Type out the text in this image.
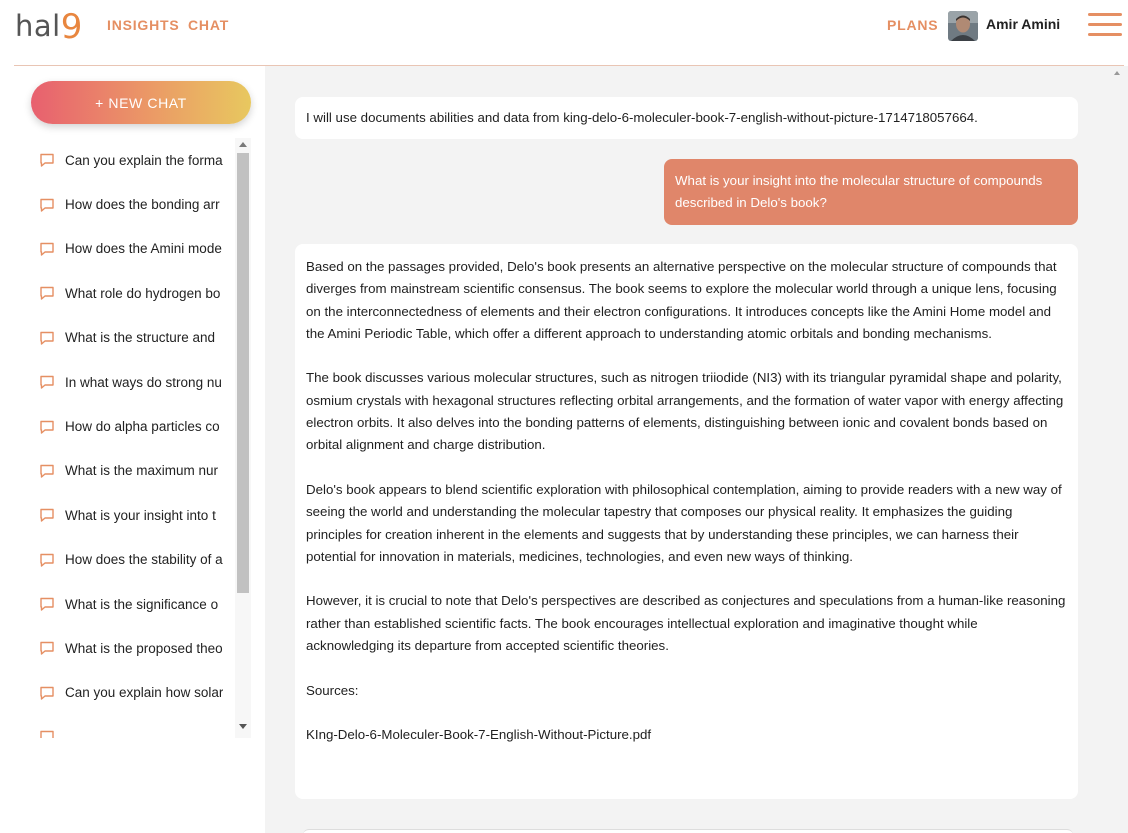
hal 9 INSIGHTS CHAT	PLANS	Amir Amini
+ NEW CHAT
Can you explain the forma
How does the bonding arr
How does the Amini mode
What role do hydrogen bo
What is the structure and
In what ways do strong nu
How do alpha particles co
What is the maximum nur
What is your insight into t
How does the stability of a
What is the significance o
What is the proposed theo
Can you explain how solar
I will use documents abilities and data from king-delo-6-moleculer-book-7-english-without-picture-1714718057664.
What is your insight into the molecular structure of compounds described in Delo's book?

Based on the passages provided, Delo's book presents an alternative perspective on the molecular structure of compounds that diverges from mainstream scientific consensus. The book seems to explore the molecular world through a unique lens, focusing on the interconnectedness of elements and their electron configurations. It introduces concepts like the Amini Home model and the Amini Periodic Table, which offer a different approach to understanding atomic orbitals and bonding mechanisms.

The book discusses various molecular structures, such as nitrogen triiodide (NI3) with its triangular pyramidal shape and polarity, osmium crystals with hexagonal structures reflecting orbital arrangements, and the formation of water vapor with energy affecting electron orbits. It also delves into the bonding patterns of elements, distinguishing between ionic and covalent bonds based on orbital alignment and charge distribution.

Delo's book appears to blend scientific exploration with philosophical contemplation, aiming to provide readers with a new way of seeing the world and understanding the molecular tapestry that composes our physical reality. It emphasizes the guiding principles for creation inherent in the elements and suggests that by understanding these principles, we can harness their potential for innovation in materials, medicines, technologies, and even new ways of thinking.

However, it is crucial to note that Delo's perspectives are described as conjectures and speculations from a human-like reasoning rather than established scientific facts. The book encourages intellectual exploration and imaginative thought while acknowledging its departure from accepted scientific theories.

Sources:

KIng-Delo-6-Moleculer-Book-7-English-Without-Picture.pdf
